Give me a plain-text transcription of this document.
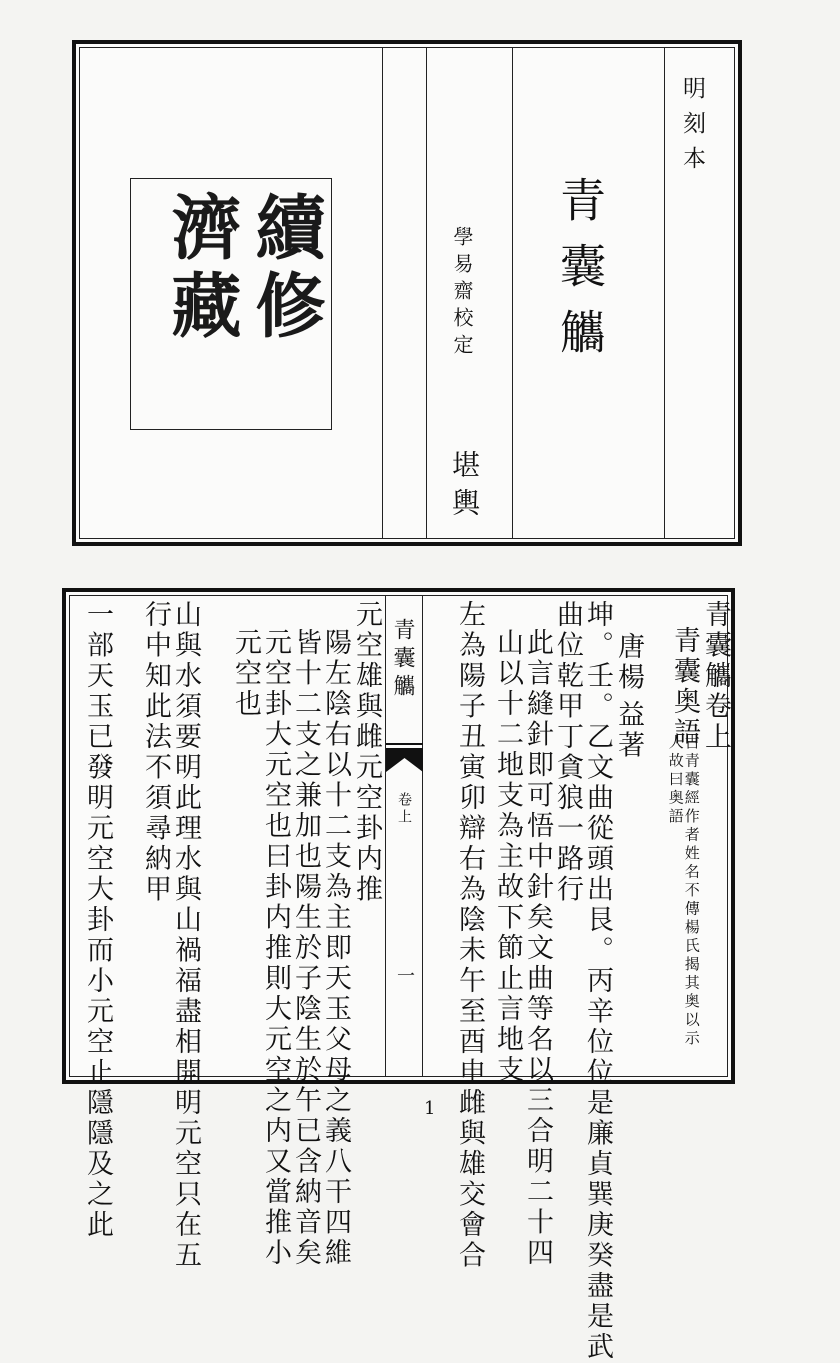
明刻本
青囊觿
學易齋校定
堪輿
續修
濟藏
青囊觿
卷上
一
青囊觿卷上
青囊奥語
古青囊經作者姓名不傳楊氏揭其奥以示
人故曰奥語
唐楊
益著
坤。壬。乙文曲從頭出艮。丙辛位位是廉貞巽庚癸盡是武
曲位乾甲丁貪狼一路行
此言縫針即可悟中針矣文曲等名以三合明二十四
山以十二地支為主故下節止言地支
左為陽子丑寅卯辯右為陰未午至酉申雌與雄交會合
元空雄與雌元空卦内推
陽左陰右以十二支為主即天玉父母之義八干四維
皆十二支之兼加也陽生於子陰生於午已含納音矣
元空卦大元空也曰卦内推則大元空之内又當推小
元空也
山與水須要明此理水與山禍福盡相開明元空只在五
行中知此法不須尋納甲
一部天玉已發明元空大卦而小元空止隱隱及之此	1
